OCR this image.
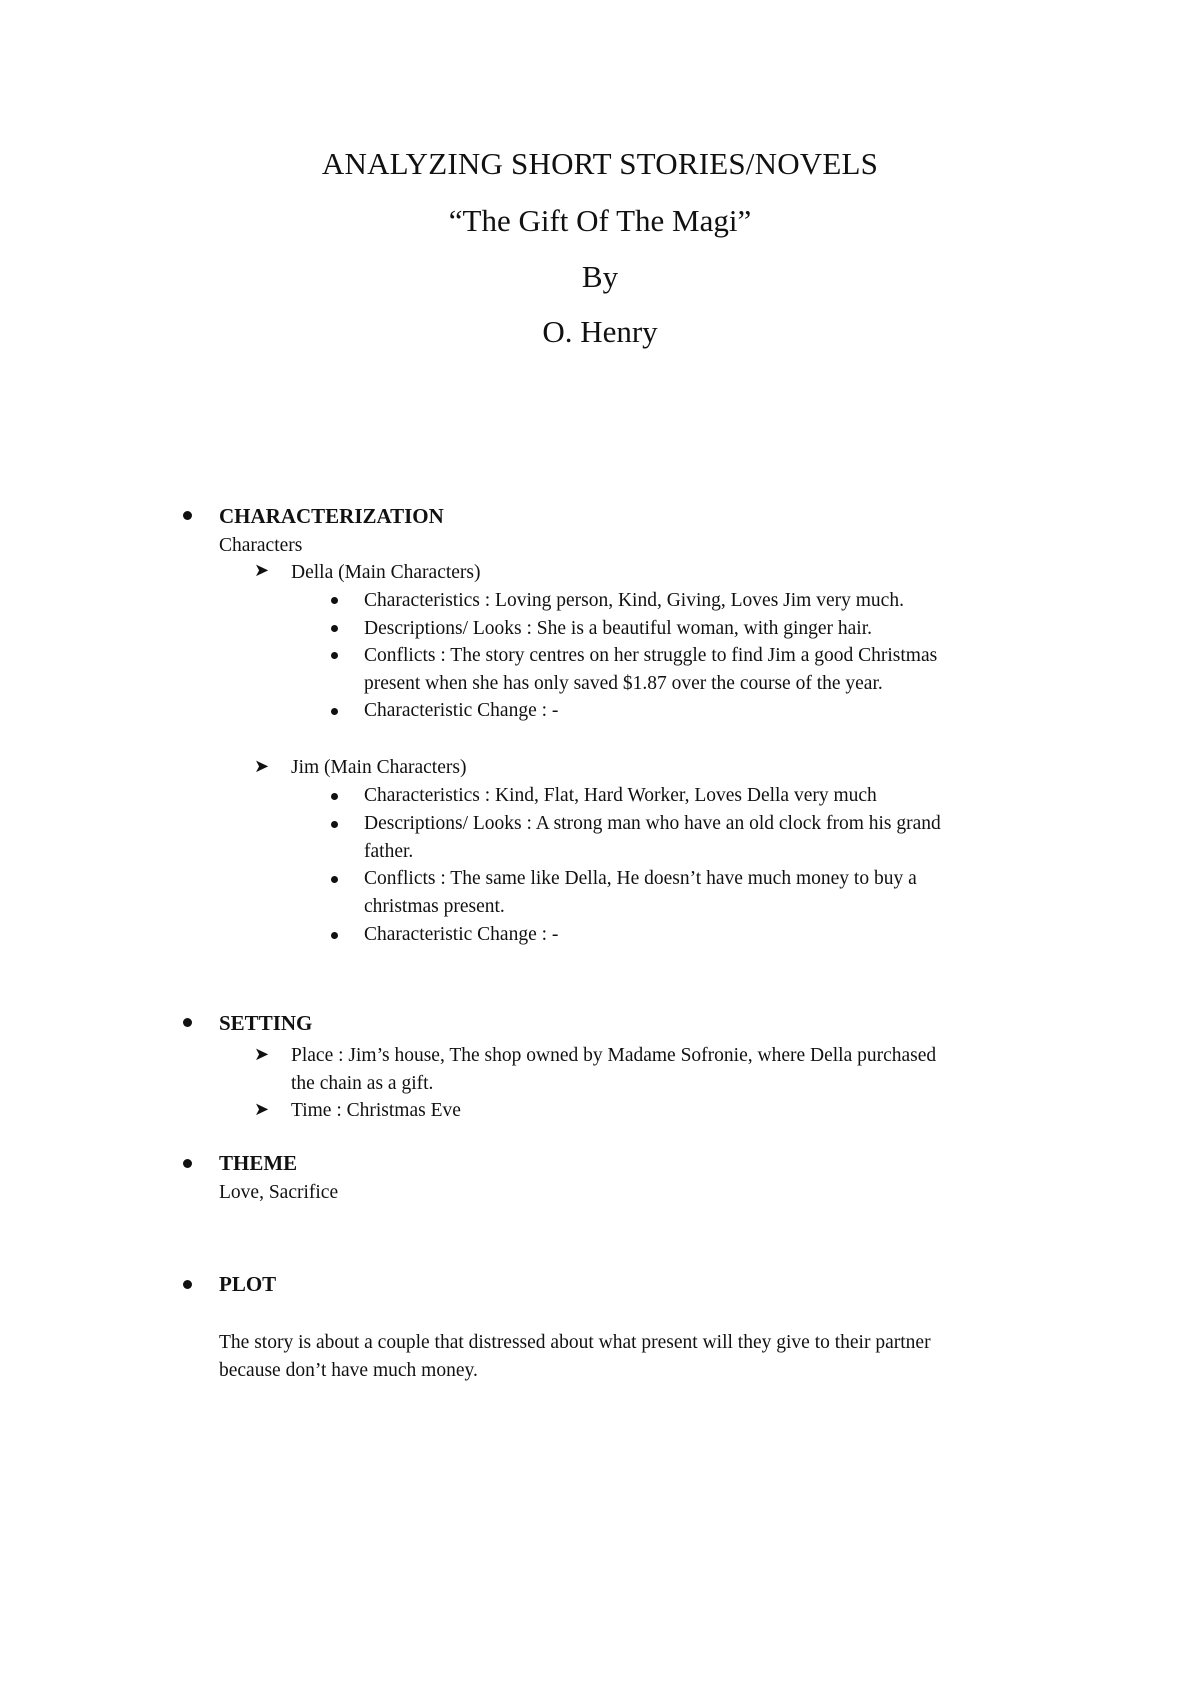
ANALYZING SHORT STORIES/NOVELS
“The Gift Of The Magi”
By
O. Henry
CHARACTERIZATION
Characters
➤ Della (Main Characters)
Characteristics : Loving person, Kind, Giving, Loves Jim very much.
Descriptions/ Looks : She is a beautiful woman, with ginger hair.
Conflicts : The story centres on her struggle to find Jim a good Christmas
present when she has only saved $1.87 over the course of the year.
Characteristic Change : -
➤ Jim (Main Characters)
Characteristics : Kind, Flat, Hard Worker, Loves Della very much
Descriptions/ Looks : A strong man who have an old clock from his grand
father.
Conflicts : The same like Della, He doesn’t have much money to buy a
christmas present.
Characteristic Change : -
SETTING
➤ Place : Jim’s house, The shop owned by Madame Sofronie, where Della purchased
the chain as a gift.
➤ Time : Christmas Eve
THEME
Love, Sacrifice
PLOT
The story is about a couple that distressed about what present will they give to their partner
because don’t have much money.
